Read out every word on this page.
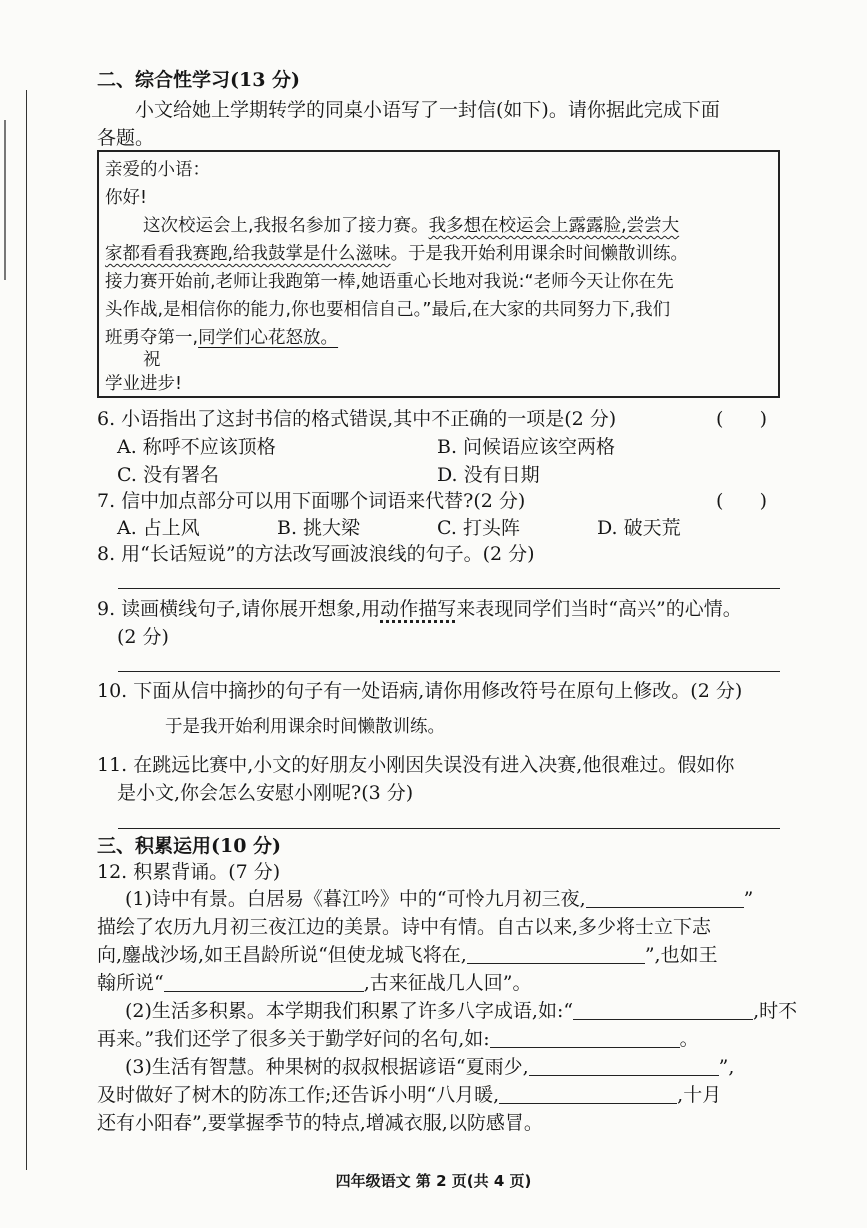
二、综合性学习(13 分)
小文给她上学期转学的同桌小语写了一封信(如下)。请你据此完成下面
各题。
亲爱的小语：
你好!
这次校运会上,我报名参加了接力赛。我多想在校运会上露露脸,尝尝大
家都看看我赛跑,给我鼓掌是什么滋味。于是我开始利用课余时间懒散训练。
接力赛开始前,老师让我跑第一棒,她语重心长地对我说:“老师今天让你在先
头作战,是相信你的能力,你也要相信自己。”最后,在大家的共同努力下,我们
班勇夺第一,同学们心花怒放。
祝
学业进步!
6. 小语指出了这封书信的格式错误,其中不正确的一项是(2 分)	(      )
A. 称呼不应该顶格	B. 问候语应该空两格
C. 没有署名	D. 没有日期
7. 信中加点部分可以用下面哪个词语来代替?(2 分)	(      )
A. 占上风	B. 挑大梁	C. 打头阵	D. 破天荒
8. 用“长话短说”的方法改写画波浪线的句子。(2 分)
9. 读画横线句子,请你展开想象,用动作描写来表现同学们当时“高兴”的心情。
(2 分)
10. 下面从信中摘抄的句子有一处语病,请你用修改符号在原句上修改。(2 分)
于是我开始利用课余时间懒散训练。
11. 在跳远比赛中,小文的好朋友小刚因失误没有进入决赛,他很难过。假如你
是小文,你会怎么安慰小刚呢?(3 分)
三、积累运用(10 分)
12. 积累背诵。(7 分)
(1)诗中有景。白居易《暮江吟》中的“可怜九月初三夜,	”
描绘了农历九月初三夜江边的美景。诗中有情。自古以来,多少将士立下志
向,鏖战沙场,如王昌龄所说“但使龙城飞将在,	”,也如王
翰所说“	,古来征战几人回”。
(2)生活多积累。本学期我们积累了许多八字成语,如:“	,时不
再来。”我们还学了很多关于勤学好问的名句,如:	。
(3)生活有智慧。种果树的叔叔根据谚语“夏雨少,	”,
及时做好了树木的防冻工作;还告诉小明“八月暖,	,十月
还有小阳春”,要掌握季节的特点,增减衣服,以防感冒。
四年级语文 第 2 页(共 4 页)
